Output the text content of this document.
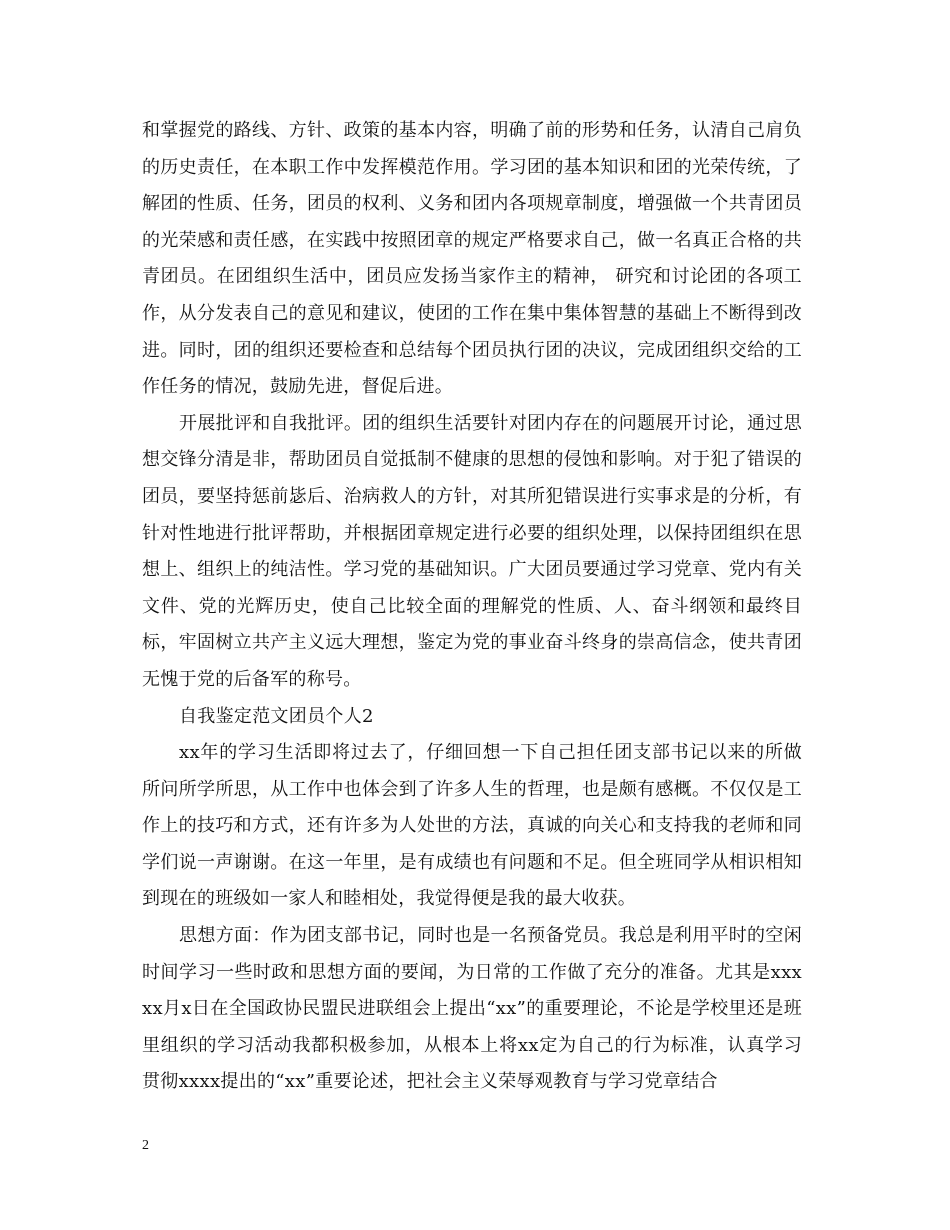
和掌握党的路线、方针、政策的基本内容，明确了前的形势和任务，认清自己肩负的历史责任，在本职工作中发挥模范作用。学习团的基本知识和团的光荣传统，了解团的性质、任务，团员的权利、义务和团内各项规章制度，增强做一个共青团员的光荣感和责任感，在实践中按照团章的规定严格要求自己，做一名真正合格的共青团员。在团组织生活中，团员应发扬当家作主的精神， 研究和讨论团的各项工作，从分发表自己的意见和建议，使团的工作在集中集体智慧的基础上不断得到改进。同时，团的组织还要检查和总结每个团员执行团的决议，完成团组织交给的工作任务的情况，鼓励先进，督促后进。

开展批评和自我批评。团的组织生活要针对团内存在的问题展开讨论，通过思想交锋分清是非，帮助团员自觉抵制不健康的思想的侵蚀和影响。对于犯了错误的团员，要坚持惩前毖后、治病救人的方针，对其所犯错误进行实事求是的分析，有针对性地进行批评帮助，并根据团章规定进行必要的组织处理，以保持团组织在思想上、组织上的纯洁性。学习党的基础知识。广大团员要通过学习党章、党内有关文件、党的光辉历史，使自己比较全面的理解党的性质、人、奋斗纲领和最终目标，牢固树立共产主义远大理想，鉴定为党的事业奋斗终身的崇高信念，使共青团无愧于党的后备军的称号。

自我鉴定范文团员个人2

xx年的学习生活即将过去了，仔细回想一下自己担任团支部书记以来的所做所问所学所思，从工作中也体会到了许多人生的哲理，也是颇有感概。不仅仅是工作上的技巧和方式，还有许多为人处世的方法，真诚的向关心和支持我的老师和同学们说一声谢谢。在这一年里，是有成绩也有问题和不足。但全班同学从相识相知到现在的班级如一家人和睦相处，我觉得便是我的最大收获。

思想方面：作为团支部书记，同时也是一名预备党员。我总是利用平时的空闲时间学习一些时政和思想方面的要闻，为日常的工作做了充分的准备。尤其是xxxxx月x日在全国政协民盟民进联组会上提出“xx”的重要理论，不论是学校里还是班里组织的学习活动我都积极参加，从根本上将xx定为自己的行为标准，认真学习贯彻xxxx提出的“xx”重要论述，把社会主义荣辱观教育与学习党章结合

2
